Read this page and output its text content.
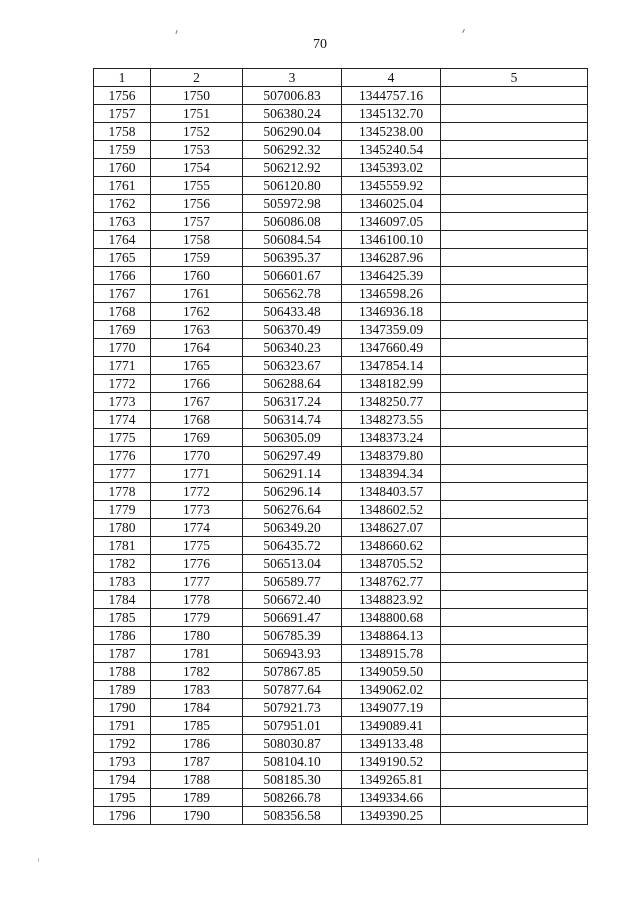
70
1	2	3	4	5
1756	1750	507006.83	1344757.16	
1757	1751	506380.24	1345132.70	
1758	1752	506290.04	1345238.00	
1759	1753	506292.32	1345240.54	
1760	1754	506212.92	1345393.02	
1761	1755	506120.80	1345559.92	
1762	1756	505972.98	1346025.04	
1763	1757	506086.08	1346097.05	
1764	1758	506084.54	1346100.10	
1765	1759	506395.37	1346287.96	
1766	1760	506601.67	1346425.39	
1767	1761	506562.78	1346598.26	
1768	1762	506433.48	1346936.18	
1769	1763	506370.49	1347359.09	
1770	1764	506340.23	1347660.49	
1771	1765	506323.67	1347854.14	
1772	1766	506288.64	1348182.99	
1773	1767	506317.24	1348250.77	
1774	1768	506314.74	1348273.55	
1775	1769	506305.09	1348373.24	
1776	1770	506297.49	1348379.80	
1777	1771	506291.14	1348394.34	
1778	1772	506296.14	1348403.57	
1779	1773	506276.64	1348602.52	
1780	1774	506349.20	1348627.07	
1781	1775	506435.72	1348660.62	
1782	1776	506513.04	1348705.52	
1783	1777	506589.77	1348762.77	
1784	1778	506672.40	1348823.92	
1785	1779	506691.47	1348800.68	
1786	1780	506785.39	1348864.13	
1787	1781	506943.93	1348915.78	
1788	1782	507867.85	1349059.50	
1789	1783	507877.64	1349062.02	
1790	1784	507921.73	1349077.19	
1791	1785	507951.01	1349089.41	
1792	1786	508030.87	1349133.48	
1793	1787	508104.10	1349190.52	
1794	1788	508185.30	1349265.81	
1795	1789	508266.78	1349334.66	
1796	1790	508356.58	1349390.25	
